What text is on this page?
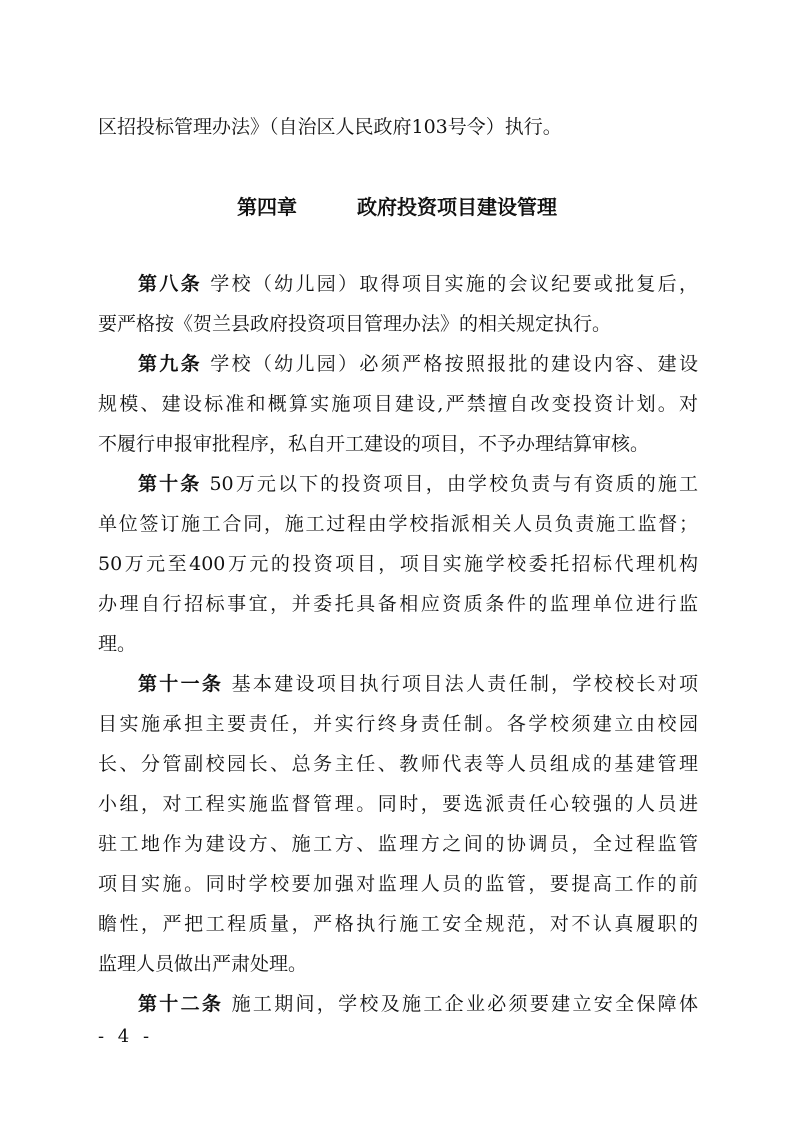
区招投标管理办法》（自治区人民政府103号令）执行。
第四章	政府投资项目建设管理
第八条 学校（幼儿园）取得项目实施的会议纪要或批复后，
要严格按《贺兰县政府投资项目管理办法》的相关规定执行。
第九条 学校（幼儿园）必须严格按照报批的建设内容、建设
规模、建设标准和概算实施项目建设,严禁擅自改变投资计划。对
不履行申报审批程序，私自开工建设的项目，不予办理结算审核。
第十条 50万元以下的投资项目，由学校负责与有资质的施工
单位签订施工合同，施工过程由学校指派相关人员负责施工监督；
50万元至400万元的投资项目，项目实施学校委托招标代理机构
办理自行招标事宜，并委托具备相应资质条件的监理单位进行监
理。
第十一条 基本建设项目执行项目法人责任制，学校校长对项
目实施承担主要责任，并实行终身责任制。各学校须建立由校园
长、分管副校园长、总务主任、教师代表等人员组成的基建管理
小组，对工程实施监督管理。同时，要选派责任心较强的人员进
驻工地作为建设方、施工方、监理方之间的协调员，全过程监管
项目实施。同时学校要加强对监理人员的监管，要提高工作的前
瞻性，严把工程质量，严格执行施工安全规范，对不认真履职的
监理人员做出严肃处理。
第十二条 施工期间，学校及施工企业必须要建立安全保障体
- 4 -
